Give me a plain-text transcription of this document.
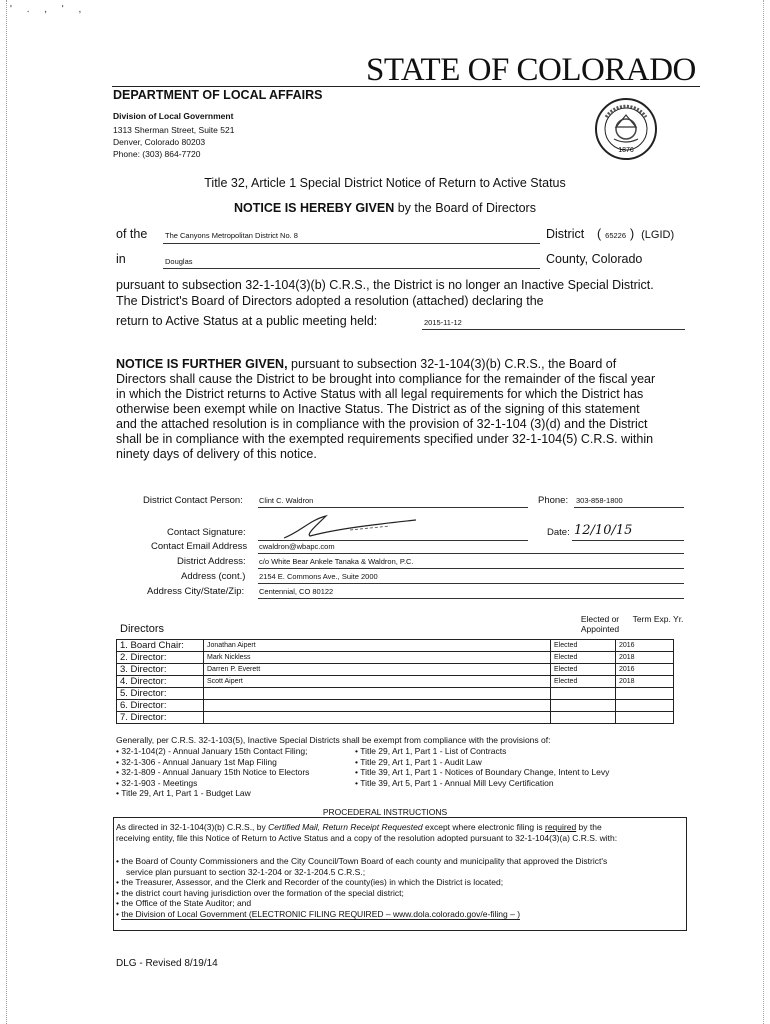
' . , ' ,
STATE OF COLORADO
DEPARTMENT OF LOCAL AFFAIRS
Division of Local Government
1313 Sherman Street, Suite 521
Denver, Colorado 80203
Phone: (303) 864-7720	1876
Title 32, Article 1 Special District Notice of Return to Active Status
NOTICE IS HEREBY GIVEN by the Board of Directors
of the The Canyons Metropolitan District No. 8	District ( 65226 )  (LGID)
in	Douglas	County, Colorado
pursuant to subsection 32-1-104(3)(b) C.R.S., the District is no longer an Inactive Special District.
The District's Board of Directors adopted a resolution (attached) declaring the
return to Active Status at a public meeting held:	2015-11-12
NOTICE IS FURTHER GIVEN, pursuant to subsection 32-1-104(3)(b) C.R.S., the Board of
Directors shall cause the District to be brought into compliance for the remainder of the fiscal year
in which the District returns to Active Status with all legal requirements for which the District has
otherwise been exempt while on Inactive Status. The District as of the signing of this statement
and the attached resolution is in compliance with the provision of 32-1-104 (3)(d) and the District
shall be in compliance with the exempted requirements specified under 32-1-104(5) C.R.S. within
ninety days of delivery of this notice.
District Contact Person: Clint C. Waldron	Phone: 303-858-1800
Contact Signature:	Date: 12/10/15
Contact Email Address cwaldron@wbapc.com
District Address: c/o White Bear Ankele Tanaka & Waldron, P.C.
Address (cont.) 2154 E. Commons Ave., Suite 2000
Address City/State/Zip: Centennial, CO 80122
Directors
Elected or Appointed
Term Exp. Yr.
1. Board Chair:	Jonathan Aipert	Elected	2016
2. Director:	Mark Nickless	Elected	2018
3. Director:	Darren P. Everett	Elected	2016
4. Director:	Scott Aipert	Elected	2018
5. Director:			
6. Director:			
7. Director:			
Generally, per C.R.S. 32-1-103(5), Inactive Special Districts shall be exempt from compliance with the provisions of:
• 32-1-104(2) - Annual January 15th Contact Filing;
• 32-1-306 - Annual January 1st Map Filing
• 32-1-809 - Annual January 15th Notice to Electors
• 32-1-903 - Meetings
• Title 29, Art 1, Part 1 - Budget Law
• Title 29, Art 1, Part 1 - List of Contracts
• Title 29, Art 1, Part 1 - Audit Law
• Title 39, Art 1, Part 1 - Notices of Boundary Change, Intent to Levy
• Title 39, Art 5, Part 1 - Annual Mill Levy Certification
PROCEDERAL INSTRUCTIONS
As directed in 32-1-104(3)(b) C.R.S., by Certified Mail, Return Receipt Requested except where electronic filing is required by the
receiving entity, file this Notice of Return to Active Status and a copy of the resolution adopted pursuant to 32-1-104(3)(a) C.R.S. with:
• the Board of County Commissioners and the City Council/Town Board of each county and municipality that approved the District's
service plan pursuant to section 32-1-204 or 32-1-204.5 C.R.S.;
• the Treasurer, Assessor, and the Clerk and Recorder of the county(ies) in which the District is located;
• the district court having jurisdiction over the formation of the special district;
• the Office of the State Auditor; and
• the Division of Local Government (ELECTRONIC FILING REQUIRED – www.dola.colorado.gov/e-filing – )
DLG - Revised 8/19/14
